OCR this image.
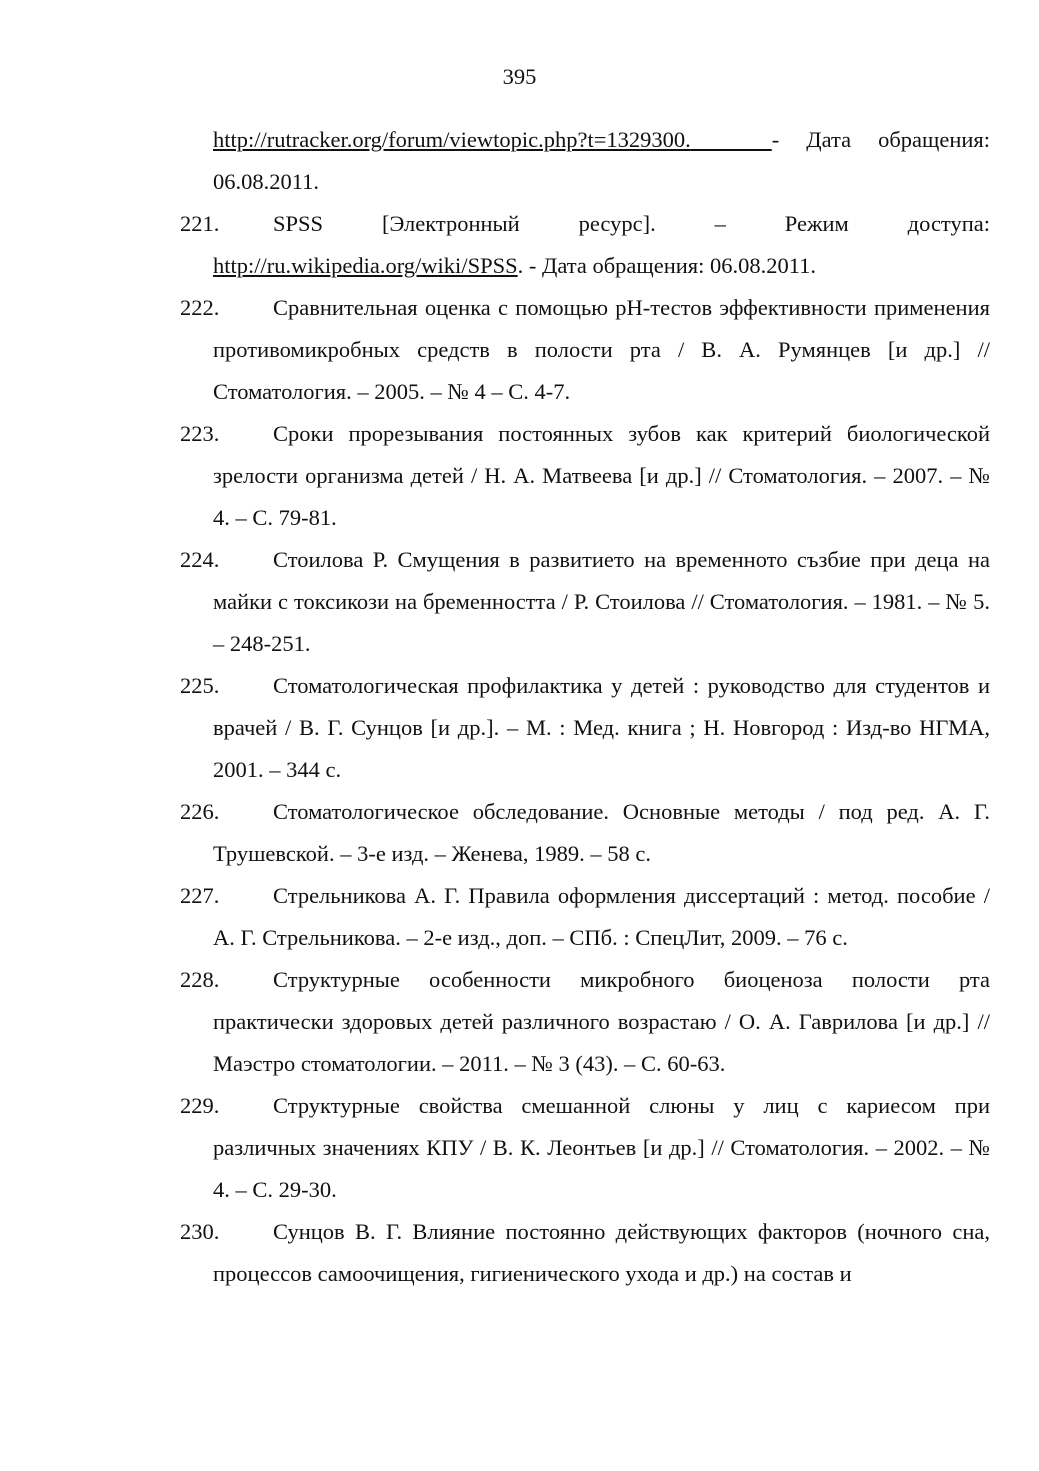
395
http://rutracker.org/forum/viewtopic.php?t=1329300.	- Дата обращения: 06.08.2011.
221.	SPSS [Электронный ресурс]. – Режим доступа: http://ru.wikipedia.org/wiki/SPSS. - Дата обращения: 06.08.2011.
222.	Сравнительная оценка с помощью рН-тестов эффективности применения противомикробных средств в полости рта / В. А. Румянцев [и др.] // Стоматология. – 2005. – № 4 – С. 4-7.
223.	Сроки прорезывания постоянных зубов как критерий биологической зрелости организма детей / Н. А. Матвеева [и др.] // Стоматология. – 2007. – № 4. – С. 79-81.
224.	Стоилова Р. Смущения в развитието на временното съзбие при деца на майки с токсикози на бременността / Р. Стоилова // Стоматология. – 1981. – № 5. – 248-251.
225.	Стоматологическая профилактика у детей : руководство для студентов и врачей / В. Г. Сунцов [и др.]. – М. : Мед. книга ; Н. Новгород : Изд-во НГМА, 2001. – 344 с.
226.	Стоматологическое обследование. Основные методы / под ред. А. Г. Трушевской. – 3-е изд. – Женева, 1989. – 58 с.
227.	Стрельникова А. Г. Правила оформления диссертаций : метод. пособие / А. Г. Стрельникова. – 2-е изд., доп. – СПб. : СпецЛит, 2009. – 76 с.
228.	Структурные особенности микробного биоценоза полости рта практически здоровых детей различного возрастаю / О. А. Гаврилова [и др.] // Маэстро стоматологии. – 2011. – № 3 (43). – С. 60-63.
229.	Структурные свойства смешанной слюны у лиц с кариесом при различных значениях КПУ / В. К. Леонтьев [и др.] // Стоматология. – 2002. – № 4. – С. 29-30.
230.	Сунцов В. Г. Влияние постоянно действующих факторов (ночного сна, процессов самоочищения, гигиенического ухода и др.) на состав и
